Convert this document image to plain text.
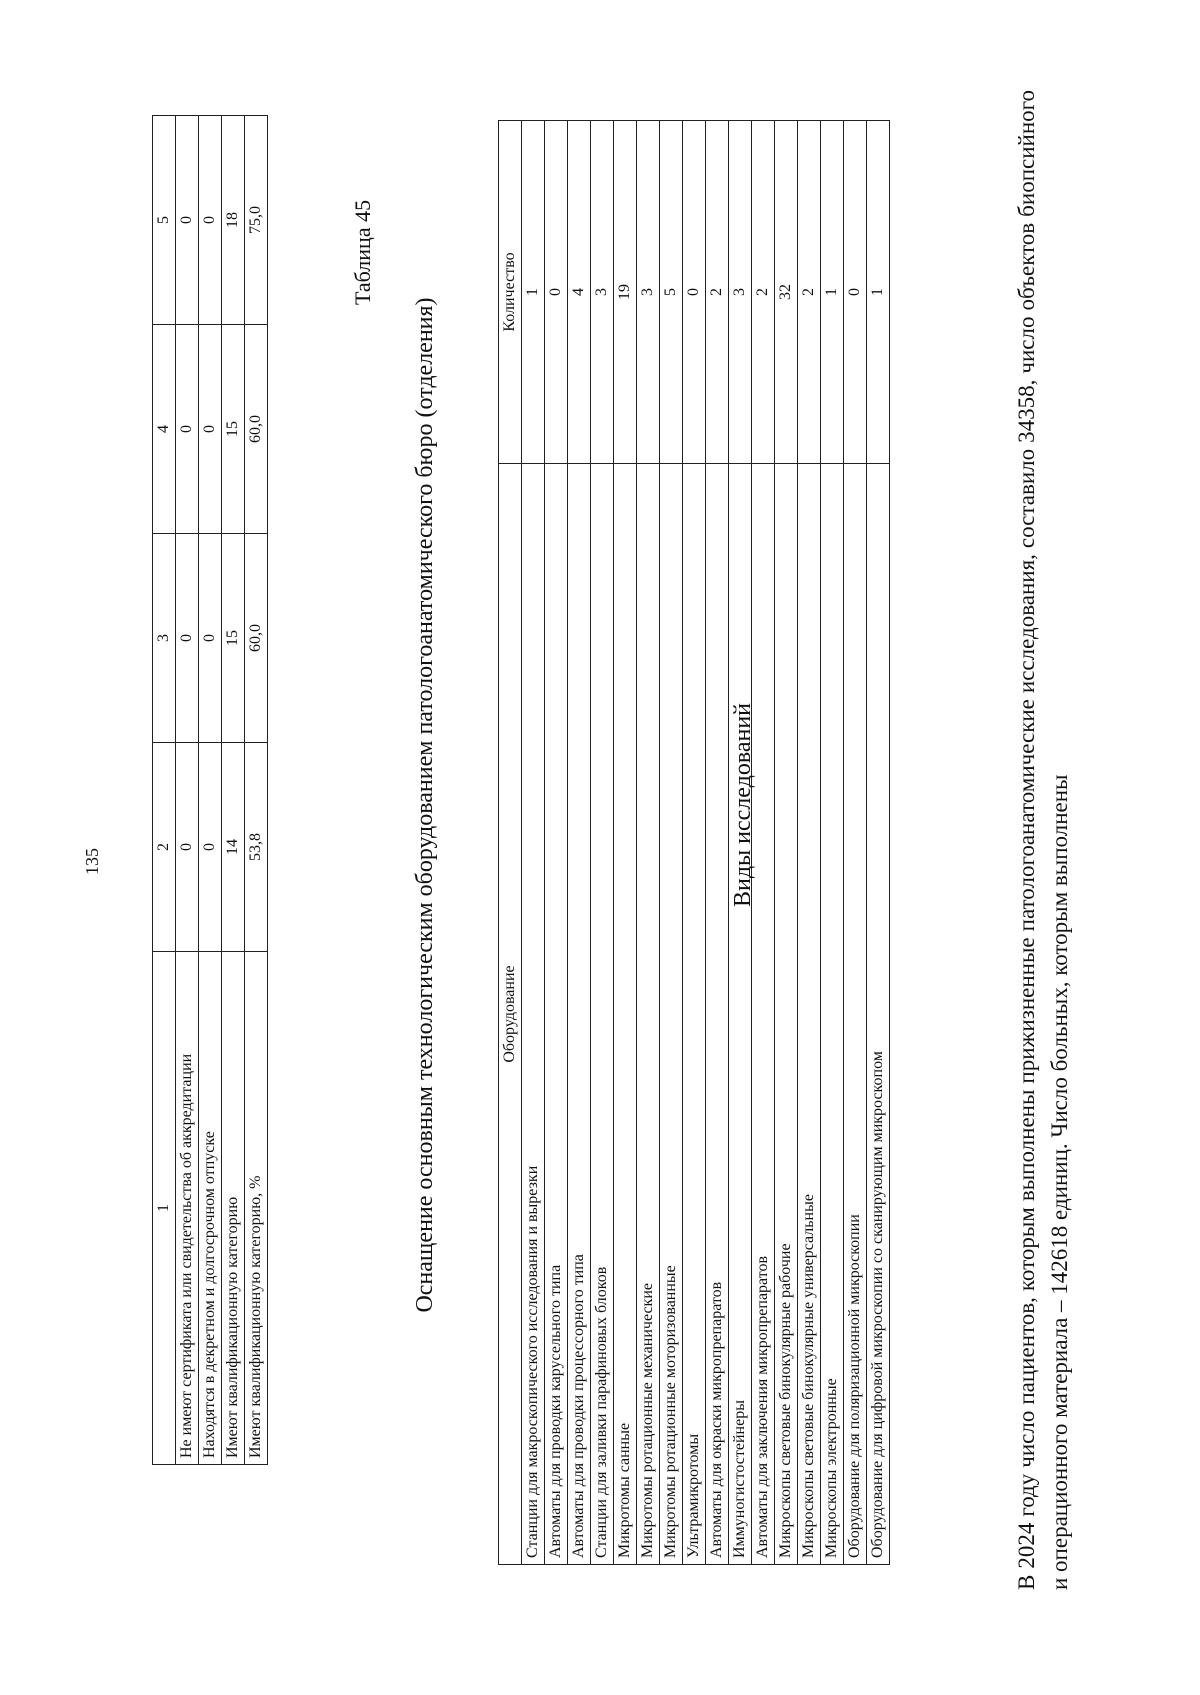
135
1	2	3	4	5
Не имеют сертификата или свидетельства об аккредитации	0	0	0	0
Находятся в декретном и долгосрочном отпуске	0	0	0	0
Имеют квалификационную категорию	14	15	15	18
Имеют квалификационную категорию, %	53,8	60,0	60,0	75,0	Таблица 45
Оснащение основным технологическим оборудованием патологоанатомического бюро (отделения)	Оборудование	Количество
Станции для макроскопического исследования и вырезки	1
Автоматы для проводки карусельного типа	0
Автоматы для проводки процессорного типа	4
Станции для заливки парафиновых блоков	3
Микротомы санные	19
Микротомы ротационные механические	3
Микротомы ротационные моторизованные	5
Ультрамикротомы	0
Автоматы для окраски микропрепаратов	2
Иммуногистостейнеры	3
Автоматы для заключения микропрепаратов	2
Микроскопы световые бинокулярные рабочие	32
Микроскопы световые бинокулярные универсальные	2
Микроскопы электронные	1
Оборудование для поляризационной микроскопии	0
Оборудование для цифровой микроскопии со сканирующим микроскопом	1
Виды исследований	В 2024 году число пациентов, которым выполнены прижизненные патологоанатомические исследования, составило 34358, число объектов биопсийного и операционного материала – 142618 единиц. Число больных, которым выполнены
